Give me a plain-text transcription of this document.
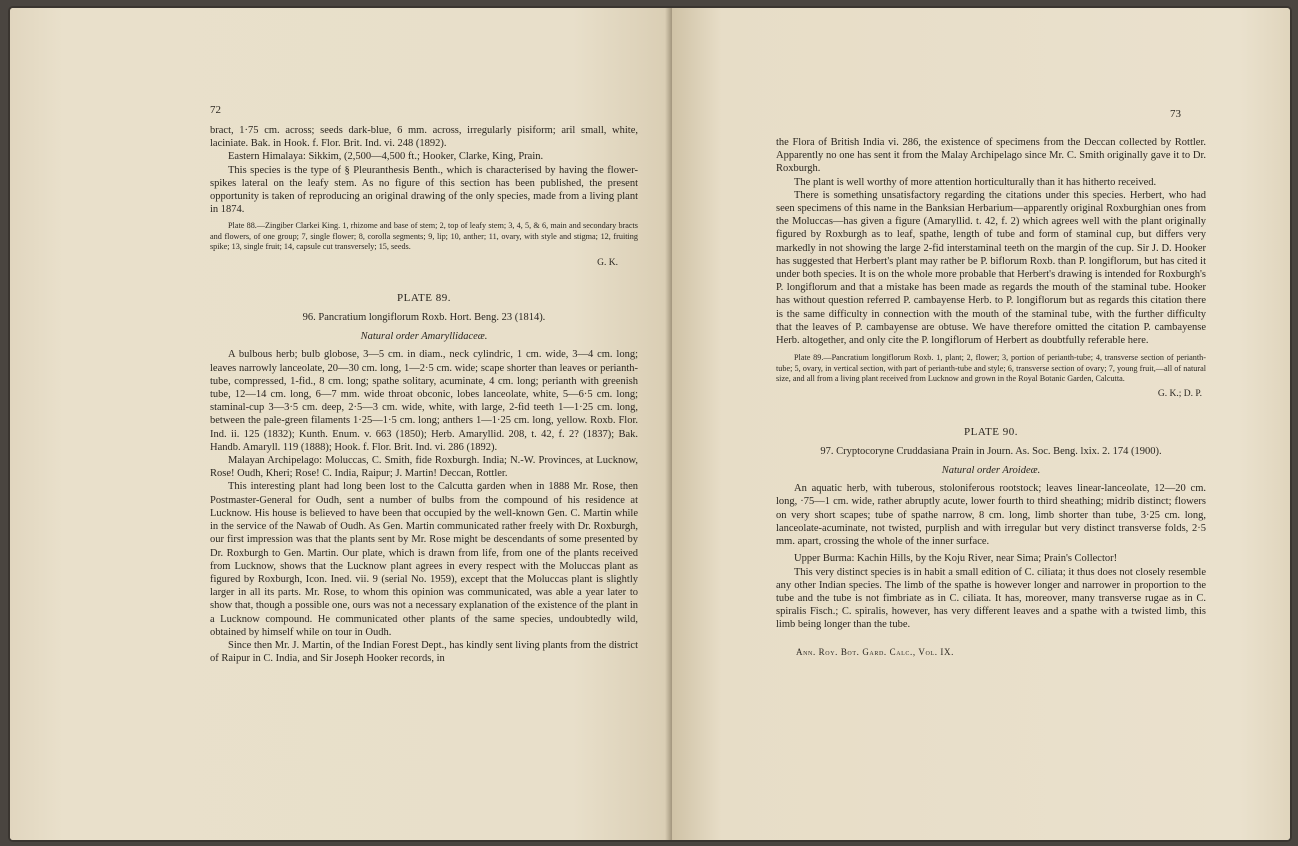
72

bract, 1·75 cm. across; seeds dark-blue, 6 mm. across, irregularly pisiform; aril small, white, laciniate. Bak. in Hook. f. Flor. Brit. Ind. vi. 248 (1892).

Eastern Himalaya: Sikkim, (2,500—4,500 ft.; Hooker, Clarke, King, Prain.

This species is the type of § Pleuranthesis Benth., which is characterised by having the flower-spikes lateral on the leafy stem. As no figure of this section has been published, the present opportunity is taken of reproducing an original drawing of the only species, made from a living plant in 1874.

Plate 88.—Zingiber Clarkei King. 1, rhizome and base of stem; 2, top of leafy stem; 3, 4, 5, & 6, main and secondary bracts and flowers, of one group; 7, single flower; 8, corolla segments; 9, lip; 10, anther; 11, ovary, with style and stigma; 12, fruiting spike; 13, single fruit; 14, capsule cut transversely; 15, seeds.

G. K.
PLATE 89.
96. Pancratium longiflorum Roxb. Hort. Beng. 23 (1814).
Natural order Amaryllidaceæ.

A bulbous herb; bulb globose, 3—5 cm. in diam., neck cylindric, 1 cm. wide, 3—4 cm. long; leaves narrowly lanceolate, 20—30 cm. long, 1—2·5 cm. wide; scape shorter than leaves or perianth-tube, compressed, 1-fid., 8 cm. long; spathe solitary, acuminate, 4 cm. long; perianth with greenish tube, 12—14 cm. long, 6—7 mm. wide throat obconic, lobes lanceolate, white, 5—6·5 cm. long; staminal-cup 3—3·5 cm. deep, 2·5—3 cm. wide, white, with large, 2-fid teeth 1—1·25 cm. long, between the pale-green filaments 1·25—1·5 cm. long; anthers 1—1·25 cm. long, yellow. Roxb. Flor. Ind. ii. 125 (1832); Kunth. Enum. v. 663 (1850); Herb. Amaryllid. 208, t. 42, f. 2? (1837); Bak. Handb. Amaryll. 119 (1888); Hook. f. Flor. Brit. Ind. vi. 286 (1892).

Malayan Archipelago: Moluccas, C. Smith, fide Roxburgh. India; N.-W. Provinces, at Lucknow, Rose! Oudh, Kheri; Rose! C. India, Raipur; J. Martin! Deccan, Rottler.

This interesting plant had long been lost to the Calcutta garden when in 1888 Mr. Rose, then Postmaster-General for Oudh, sent a number of bulbs from the compound of his residence at Lucknow. His house is believed to have been that occupied by the well-known Gen. C. Martin while in the service of the Nawab of Oudh. As Gen. Martin communicated rather freely with Dr. Roxburgh, our first impression was that the plants sent by Mr. Rose might be descendants of some presented by Dr. Roxburgh to Gen. Martin. Our plate, which is drawn from life, from one of the plants received from Lucknow, shows that the Lucknow plant agrees in every respect with the Moluccas plant as figured by Roxburgh, Icon. Ined. vii. 9 (serial No. 1959), except that the Moluccas plant is slightly larger in all its parts. Mr. Rose, to whom this opinion was communicated, was able a year later to show that, though a possible one, ours was not a necessary explanation of the existence of the plant in a Lucknow compound. He communicated other plants of the same species, undoubtedly wild, obtained by himself while on tour in Oudh.

Since then Mr. J. Martin, of the Indian Forest Dept., has kindly sent living plants from the district of Raipur in C. India, and Sir Joseph Hooker records, in

73

the Flora of British India vi. 286, the existence of specimens from the Deccan collected by Rottler. Apparently no one has sent it from the Malay Archipelago since Mr. C. Smith originally gave it to Dr. Roxburgh.

The plant is well worthy of more attention horticulturally than it has hitherto received.

There is something unsatisfactory regarding the citations under this species. Herbert, who had seen specimens of this name in the Banksian Herbarium—apparently original Roxburghian ones from the Moluccas—has given a figure (Amaryllid. t. 42, f. 2) which agrees well with the plant originally figured by Roxburgh as to leaf, spathe, length of tube and form of staminal cup, but differs very markedly in not showing the large 2-fid interstaminal teeth on the margin of the cup. Sir J. D. Hooker has suggested that Herbert's plant may rather be P. biflorum Roxb. than P. longiflorum, but has cited it under both species. It is on the whole more probable that Herbert's drawing is intended for Roxburgh's P. longiflorum and that a mistake has been made as regards the mouth of the staminal tube. Hooker has without question referred P. cambayense Herb. to P. longiflorum but as regards this citation there is the same difficulty in connection with the mouth of the staminal tube, with the further difficulty that the leaves of P. cambayense are obtuse. We have therefore omitted the citation P. cambayense Herb. altogether, and only cite the P. longiflorum of Herbert as doubtfully referable here.

Plate 89.—Pancratium longiflorum Roxb. 1, plant; 2, flower; 3, portion of perianth-tube; 4, transverse section of perianth-tube; 5, ovary, in vertical section, with part of perianth-tube and style; 6, transverse section of ovary; 7, young fruit,—all of natural size, and all from a living plant received from Lucknow and grown in the Royal Botanic Garden, Calcutta.

G. K.; D. P.
PLATE 90.
97. Cryptocoryne Cruddasiana Prain in Journ. As. Soc. Beng. lxix. 2. 174 (1900).
Natural order Aroideæ.

An aquatic herb, with tuberous, stoloniferous rootstock; leaves linear-lanceolate, 12—20 cm. long, ·75—1 cm. wide, rather abruptly acute, lower fourth to third sheathing; midrib distinct; flowers on very short scapes; tube of spathe narrow, 8 cm. long, limb shorter than tube, 3·25 cm. long, lanceolate-acuminate, not twisted, purplish and with irregular but very distinct transverse folds, 2·5 mm. apart, crossing the whole of the inner surface.

Upper Burma: Kachin Hills, by the Koju River, near Sima; Prain's Collector!

This very distinct species is in habit a small edition of C. ciliata; it thus does not closely resemble any other Indian species. The limb of the spathe is however longer and narrower in proportion to the tube and the tube is not fimbriate as in C. ciliata. It has, moreover, many transverse rugae as in C. spiralis Fisch.; C. spiralis, however, has very different leaves and a spathe with a twisted limb, this limb being longer than the tube.

Ann. Roy. Bot. Gard. Calc., Vol. IX.
